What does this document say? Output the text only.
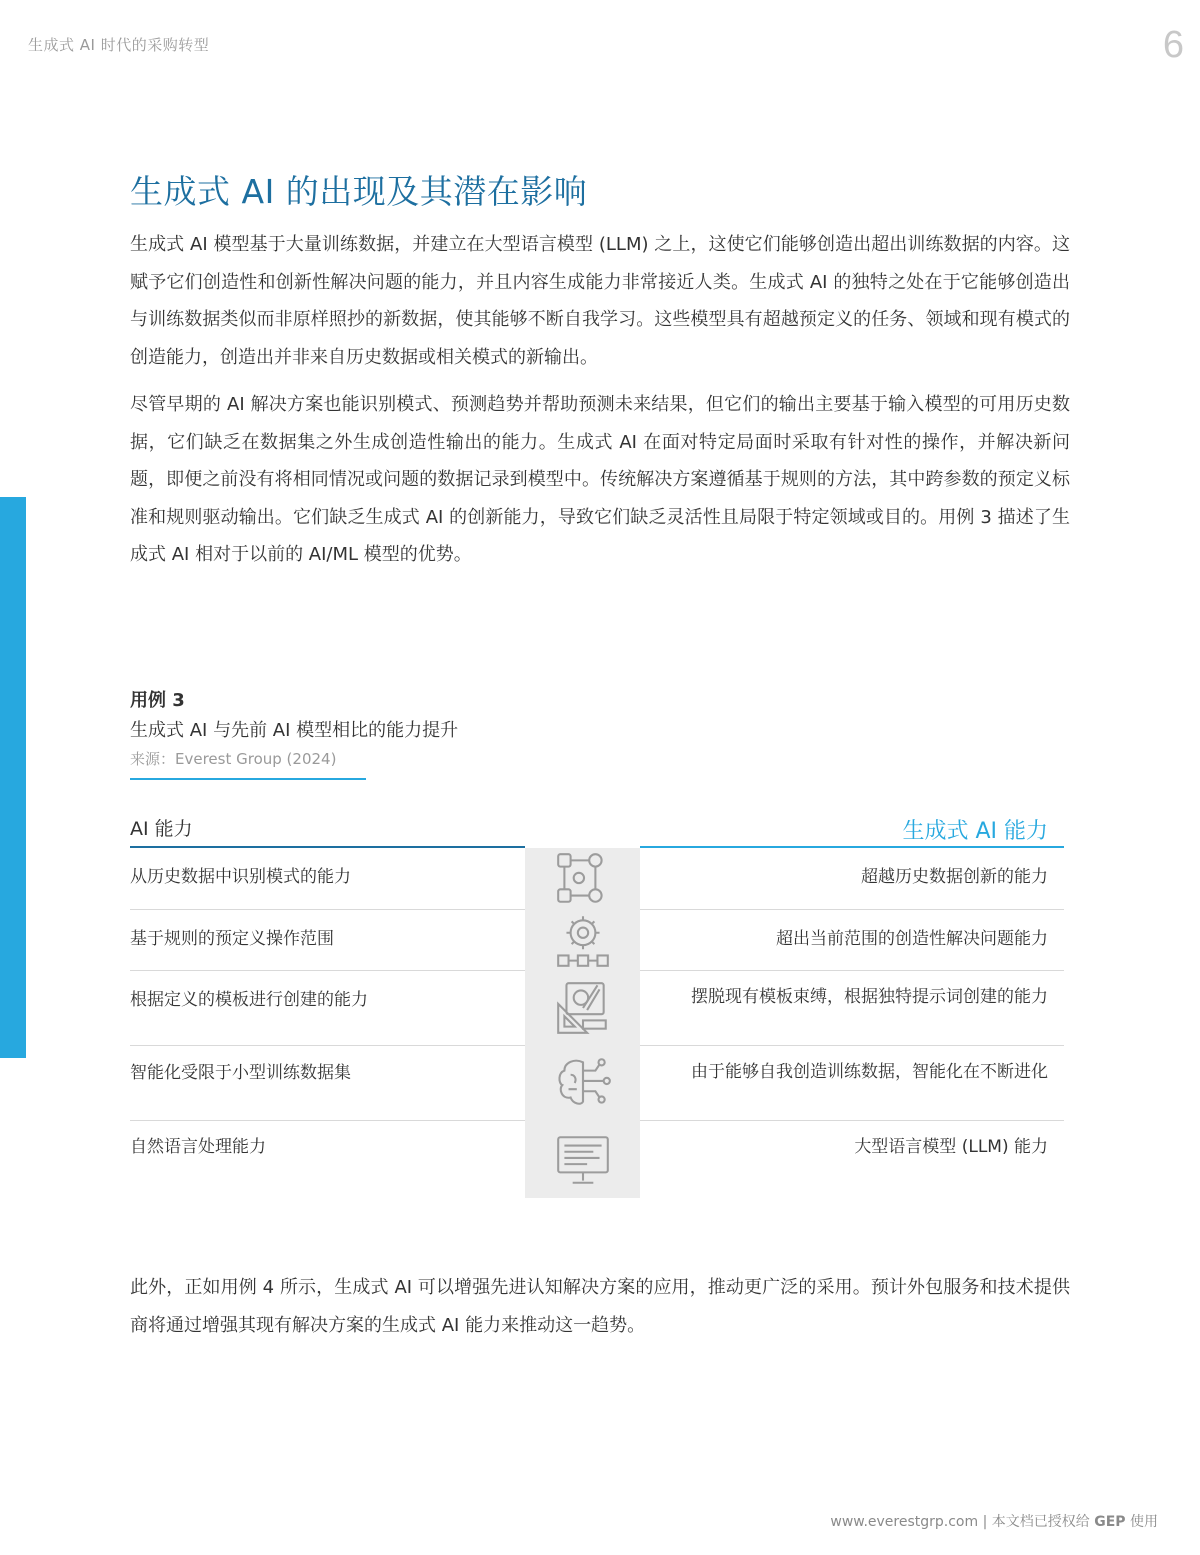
生成式 AI 时代的采购转型	6
生成式 AI 的出现及其潜在影响

生成式 AI 模型基于大量训练数据，并建立在大型语言模型 (LLM) 之上，这使它们能够创造出超出训练数据的内容。这赋予它们创造性和创新性解决问题的能力，并且内容生成能力非常接近人类。生成式 AI 的独特之处在于它能够创造出与训练数据类似而非原样照抄的新数据，使其能够不断自我学习。这些模型具有超越预定义的任务、领域和现有模式的创造能力，创造出并非来自历史数据或相关模式的新输出。

尽管早期的 AI 解决方案也能识别模式、预测趋势并帮助预测未来结果，但它们的输出主要基于输入模型的可用历史数据，它们缺乏在数据集之外生成创造性输出的能力。生成式 AI 在面对特定局面时采取有针对性的操作，并解决新问题，即便之前没有将相同情况或问题的数据记录到模型中。传统解决方案遵循基于规则的方法，其中跨参数的预定义标准和规则驱动输出。它们缺乏生成式 AI 的创新能力，导致它们缺乏灵活性且局限于特定领域或目的。用例 3 描述了生成式 AI 相对于以前的 AI/ML 模型的优势。

用例 3
生成式 AI 与先前 AI 模型相比的能力提升
来源：Everest Group (2024)
AI 能力	生成式 AI 能力
从历史数据中识别模式的能力	超越历史数据创新的能力
基于规则的预定义操作范围	超出当前范围的创造性解决问题能力
根据定义的模板进行创建的能力	摆脱现有模板束缚，根据独特提示词创建的能力
智能化受限于小型训练数据集	由于能够自我创造训练数据，智能化在不断进化
自然语言处理能力	大型语言模型 (LLM) 能力

此外，正如用例 4 所示，生成式 AI 可以增强先进认知解决方案的应用，推动更广泛的采用。预计外包服务和技术提供商将通过增强其现有解决方案的生成式 AI 能力来推动这一趋势。

www.everestgrp.com | 本文档已授权给 GEP 使用
